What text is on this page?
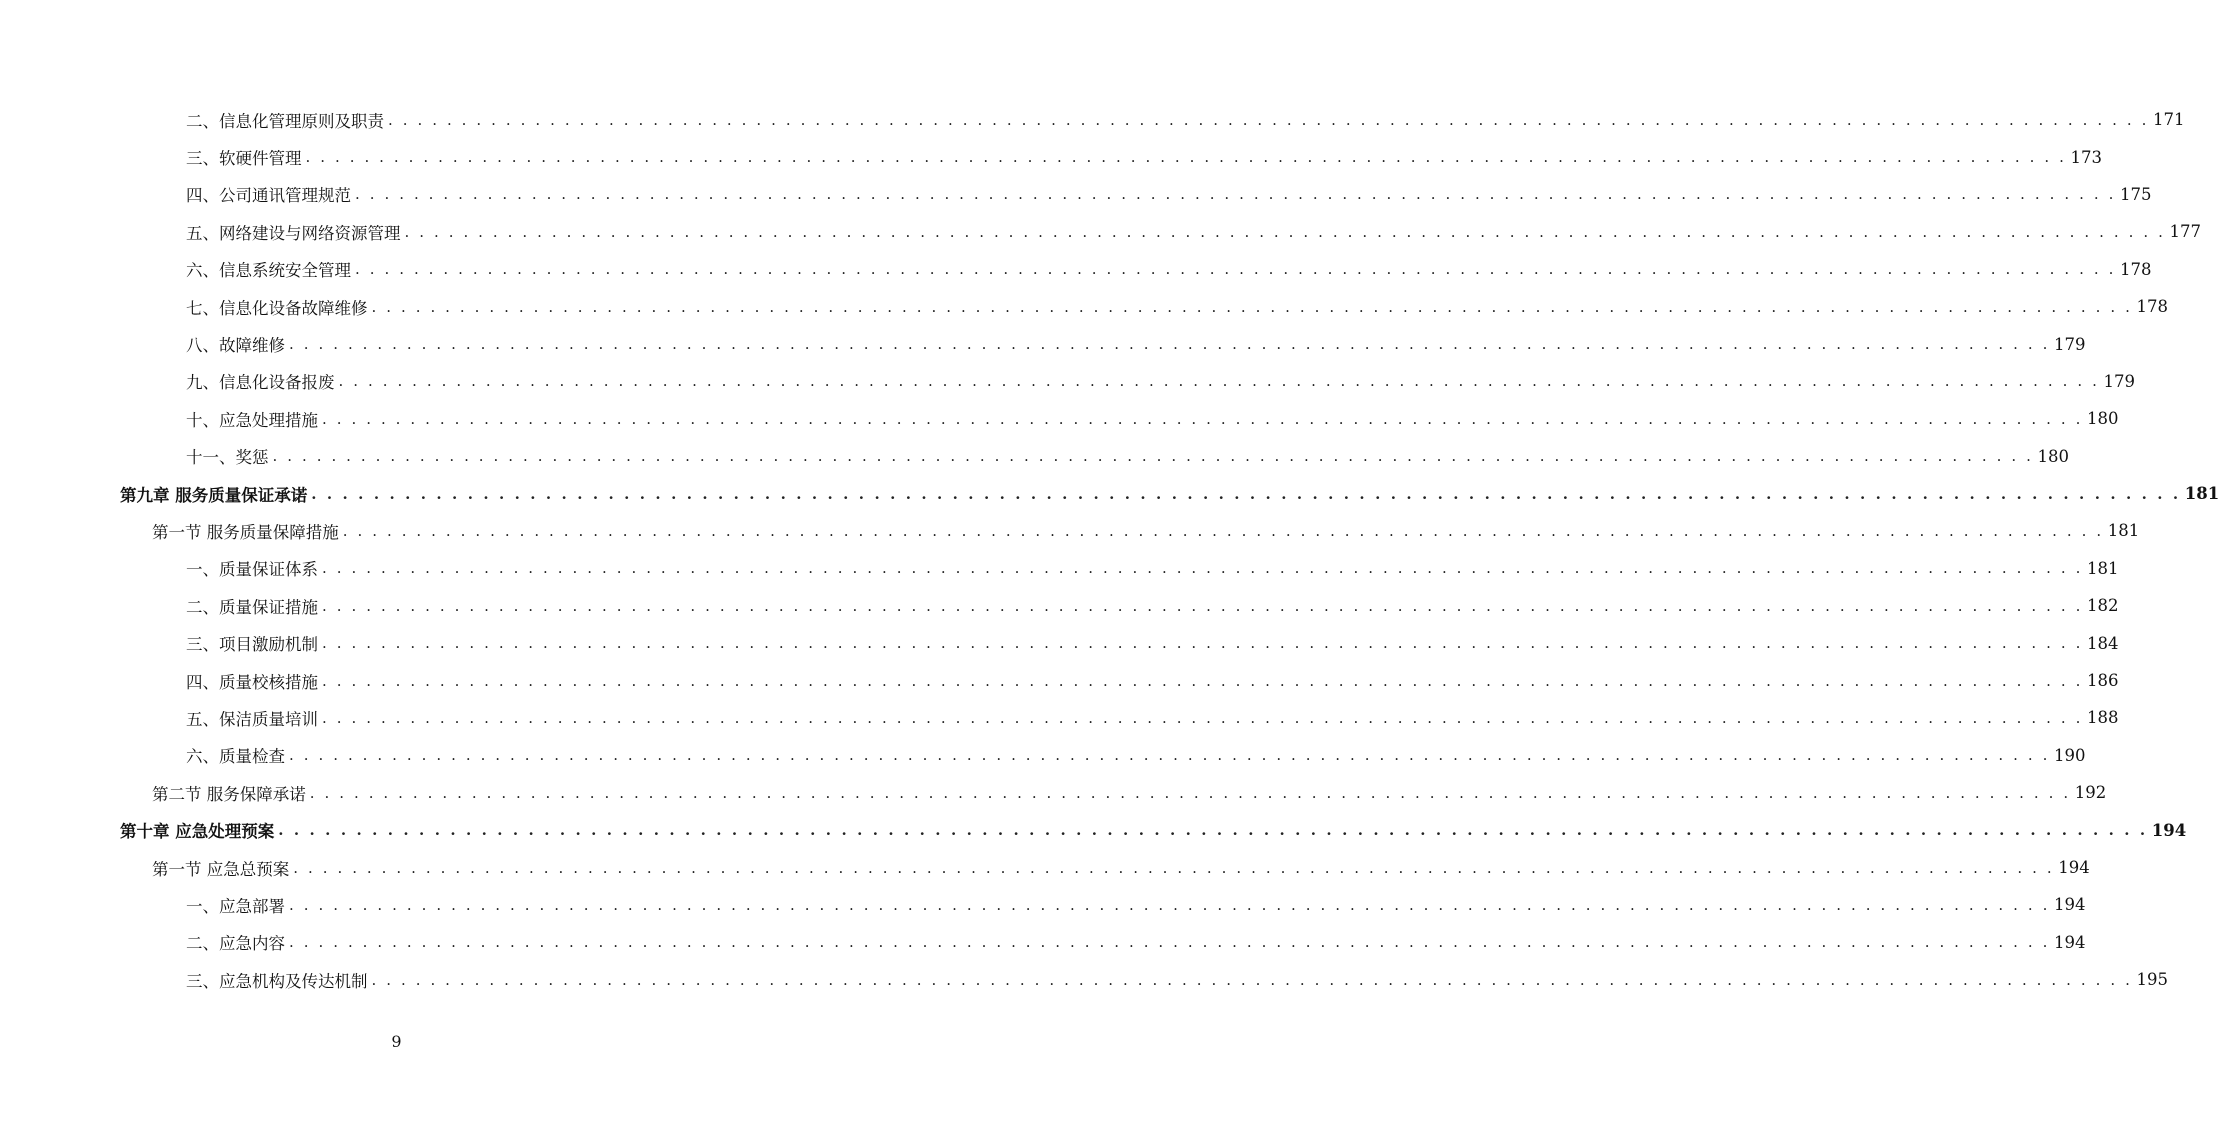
二、信息化管理原则及职责 . . . . . . . . . . . . . . . . . . . . . . . . . . . . . . . . . . . . . . . . . . . . . . . . . . . . . . . . . . . . . . . . . . . . . . . . . . . . . . . . . . . . . . . . . . . . . . . . . . . . . . . . . . . . . . . . . . . . . . . . 171
三、软硬件管理 . . . . . . . . . . . . . . . . . . . . . . . . . . . . . . . . . . . . . . . . . . . . . . . . . . . . . . . . . . . . . . . . . . . . . . . . . . . . . . . . . . . . . . . . . . . . . . . . . . . . . . . . . . . . . . . . . . . . . . . . 173
四、公司通讯管理规范 . . . . . . . . . . . . . . . . . . . . . . . . . . . . . . . . . . . . . . . . . . . . . . . . . . . . . . . . . . . . . . . . . . . . . . . . . . . . . . . . . . . . . . . . . . . . . . . . . . . . . . . . . . . . . . . . . . . . . . . . 175
五、网络建设与网络资源管理 . . . . . . . . . . . . . . . . . . . . . . . . . . . . . . . . . . . . . . . . . . . . . . . . . . . . . . . . . . . . . . . . . . . . . . . . . . . . . . . . . . . . . . . . . . . . . . . . . . . . . . . . . . . . . . . . . . . . . . . . 177
六、信息系统安全管理 . . . . . . . . . . . . . . . . . . . . . . . . . . . . . . . . . . . . . . . . . . . . . . . . . . . . . . . . . . . . . . . . . . . . . . . . . . . . . . . . . . . . . . . . . . . . . . . . . . . . . . . . . . . . . . . . . . . . . . . . 178
七、信息化设备故障维修 . . . . . . . . . . . . . . . . . . . . . . . . . . . . . . . . . . . . . . . . . . . . . . . . . . . . . . . . . . . . . . . . . . . . . . . . . . . . . . . . . . . . . . . . . . . . . . . . . . . . . . . . . . . . . . . . . . . . . . . . 178
八、故障维修 . . . . . . . . . . . . . . . . . . . . . . . . . . . . . . . . . . . . . . . . . . . . . . . . . . . . . . . . . . . . . . . . . . . . . . . . . . . . . . . . . . . . . . . . . . . . . . . . . . . . . . . . . . . . . . . . . . . . . . . . 179
九、信息化设备报废 . . . . . . . . . . . . . . . . . . . . . . . . . . . . . . . . . . . . . . . . . . . . . . . . . . . . . . . . . . . . . . . . . . . . . . . . . . . . . . . . . . . . . . . . . . . . . . . . . . . . . . . . . . . . . . . . . . . . . . . . 179
十、应急处理措施 . . . . . . . . . . . . . . . . . . . . . . . . . . . . . . . . . . . . . . . . . . . . . . . . . . . . . . . . . . . . . . . . . . . . . . . . . . . . . . . . . . . . . . . . . . . . . . . . . . . . . . . . . . . . . . . . . . . . . . . . 180
十一、奖惩 . . . . . . . . . . . . . . . . . . . . . . . . . . . . . . . . . . . . . . . . . . . . . . . . . . . . . . . . . . . . . . . . . . . . . . . . . . . . . . . . . . . . . . . . . . . . . . . . . . . . . . . . . . . . . . . . . . . . . . . . 180
第九章 服务质量保证承诺 . . . . . . . . . . . . . . . . . . . . . . . . . . . . . . . . . . . . . . . . . . . . . . . . . . . . . . . . . . . . . . . . . . . . . . . . . . . . . . . . . . . . . . . . . . . . . . . . . . . . . . . . . . . . . . . . . . . . . . . . 181
第一节 服务质量保障措施 . . . . . . . . . . . . . . . . . . . . . . . . . . . . . . . . . . . . . . . . . . . . . . . . . . . . . . . . . . . . . . . . . . . . . . . . . . . . . . . . . . . . . . . . . . . . . . . . . . . . . . . . . . . . . . . . . . . . . . . . 181
一、质量保证体系 . . . . . . . . . . . . . . . . . . . . . . . . . . . . . . . . . . . . . . . . . . . . . . . . . . . . . . . . . . . . . . . . . . . . . . . . . . . . . . . . . . . . . . . . . . . . . . . . . . . . . . . . . . . . . . . . . . . . . . . . 181
二、质量保证措施 . . . . . . . . . . . . . . . . . . . . . . . . . . . . . . . . . . . . . . . . . . . . . . . . . . . . . . . . . . . . . . . . . . . . . . . . . . . . . . . . . . . . . . . . . . . . . . . . . . . . . . . . . . . . . . . . . . . . . . . . 182
三、项目激励机制 . . . . . . . . . . . . . . . . . . . . . . . . . . . . . . . . . . . . . . . . . . . . . . . . . . . . . . . . . . . . . . . . . . . . . . . . . . . . . . . . . . . . . . . . . . . . . . . . . . . . . . . . . . . . . . . . . . . . . . . . 184
四、质量校核措施 . . . . . . . . . . . . . . . . . . . . . . . . . . . . . . . . . . . . . . . . . . . . . . . . . . . . . . . . . . . . . . . . . . . . . . . . . . . . . . . . . . . . . . . . . . . . . . . . . . . . . . . . . . . . . . . . . . . . . . . . 186
五、保洁质量培训 . . . . . . . . . . . . . . . . . . . . . . . . . . . . . . . . . . . . . . . . . . . . . . . . . . . . . . . . . . . . . . . . . . . . . . . . . . . . . . . . . . . . . . . . . . . . . . . . . . . . . . . . . . . . . . . . . . . . . . . . 188
六、质量检查 . . . . . . . . . . . . . . . . . . . . . . . . . . . . . . . . . . . . . . . . . . . . . . . . . . . . . . . . . . . . . . . . . . . . . . . . . . . . . . . . . . . . . . . . . . . . . . . . . . . . . . . . . . . . . . . . . . . . . . . . 190
第二节 服务保障承诺 . . . . . . . . . . . . . . . . . . . . . . . . . . . . . . . . . . . . . . . . . . . . . . . . . . . . . . . . . . . . . . . . . . . . . . . . . . . . . . . . . . . . . . . . . . . . . . . . . . . . . . . . . . . . . . . . . . . . . . . . 192
第十章 应急处理预案 . . . . . . . . . . . . . . . . . . . . . . . . . . . . . . . . . . . . . . . . . . . . . . . . . . . . . . . . . . . . . . . . . . . . . . . . . . . . . . . . . . . . . . . . . . . . . . . . . . . . . . . . . . . . . . . . . . . . . . . . 194
第一节 应急总预案 . . . . . . . . . . . . . . . . . . . . . . . . . . . . . . . . . . . . . . . . . . . . . . . . . . . . . . . . . . . . . . . . . . . . . . . . . . . . . . . . . . . . . . . . . . . . . . . . . . . . . . . . . . . . . . . . . . . . . . . . 194
一、应急部署 . . . . . . . . . . . . . . . . . . . . . . . . . . . . . . . . . . . . . . . . . . . . . . . . . . . . . . . . . . . . . . . . . . . . . . . . . . . . . . . . . . . . . . . . . . . . . . . . . . . . . . . . . . . . . . . . . . . . . . . . 194
二、应急内容 . . . . . . . . . . . . . . . . . . . . . . . . . . . . . . . . . . . . . . . . . . . . . . . . . . . . . . . . . . . . . . . . . . . . . . . . . . . . . . . . . . . . . . . . . . . . . . . . . . . . . . . . . . . . . . . . . . . . . . . . 194
三、应急机构及传达机制 . . . . . . . . . . . . . . . . . . . . . . . . . . . . . . . . . . . . . . . . . . . . . . . . . . . . . . . . . . . . . . . . . . . . . . . . . . . . . . . . . . . . . . . . . . . . . . . . . . . . . . . . . . . . . . . . . . . . . . . . 195
9
